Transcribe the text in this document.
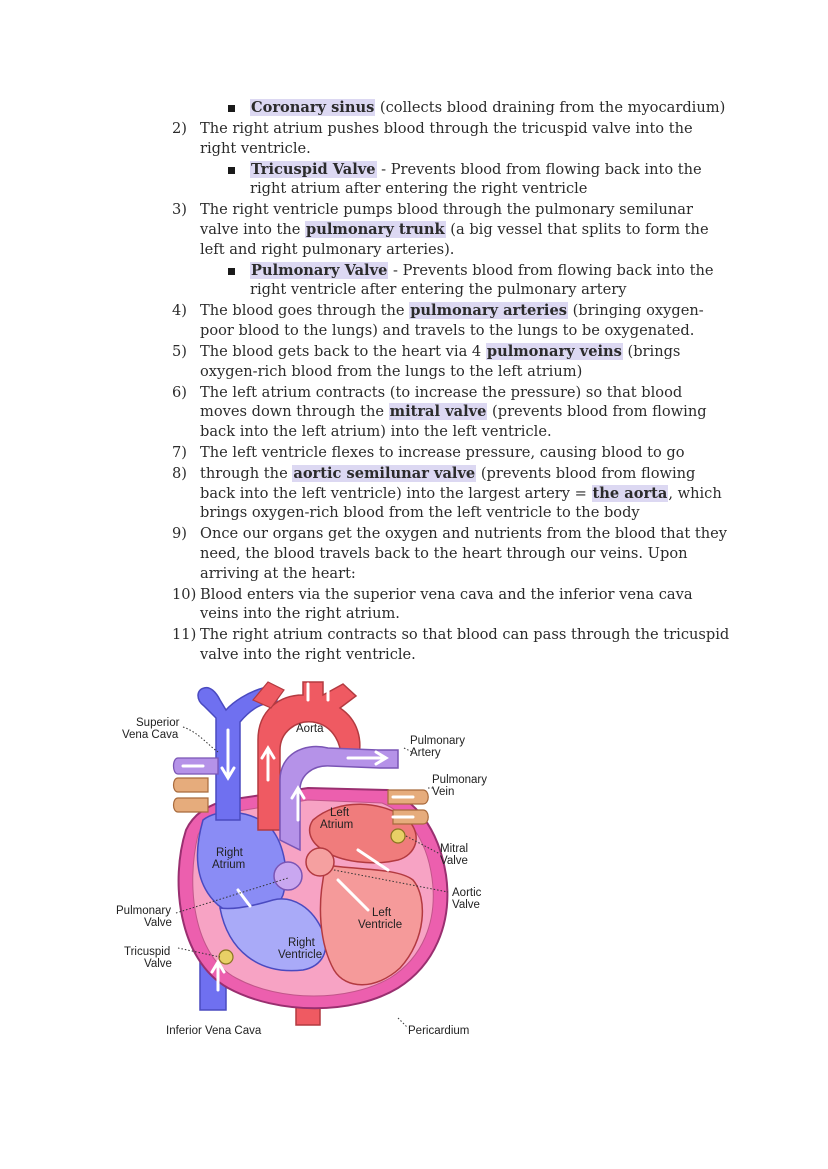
Coronary sinus (collects blood draining from the myocardium)
2) The right atrium pushes blood through the tricuspid valve into the right ventricle.
Tricuspid Valve - Prevents blood from flowing back into the right atrium after entering the right ventricle
3) The right ventricle pumps blood through the pulmonary semilunar valve into the pulmonary trunk (a big vessel that splits to form the left and right pulmonary arteries).
Pulmonary Valve - Prevents blood from flowing back into the right ventricle after entering the pulmonary artery
4) The blood goes through the pulmonary arteries (bringing oxygen-poor blood to the lungs) and travels to the lungs to be oxygenated.
5) The blood gets back to the heart via 4 pulmonary veins (brings oxygen-rich blood from the lungs to the left atrium)
6) The left atrium contracts (to increase the pressure) so that blood moves down through the mitral valve (prevents blood from flowing back into the left atrium) into the left ventricle.
7) The left ventricle flexes to increase pressure, causing blood to go
8) through the aortic semilunar valve (prevents blood from flowing back into the left ventricle) into the largest artery = the aorta, which brings oxygen-rich blood from the left ventricle to the body
9) Once our organs get the oxygen and nutrients from the blood that they need, the blood travels back to the heart through our veins. Upon arriving at the heart:
10) Blood enters via the superior vena cava and the inferior vena cava veins into the right atrium.
11) The right atrium contracts so that blood can pass through the tricuspid valve into the right ventricle.
Superior
Vena Cava	Aorta
Pulmonary
Artery
Pulmonary
Vein
Left
Atrium
Right
Atrium
Mitral
Valve
Aortic
Valve
Pulmonary
Valve
Left
Ventricle
Right
Ventricle
Tricuspid
Valve
Inferior Vena Cava	Pericardium
